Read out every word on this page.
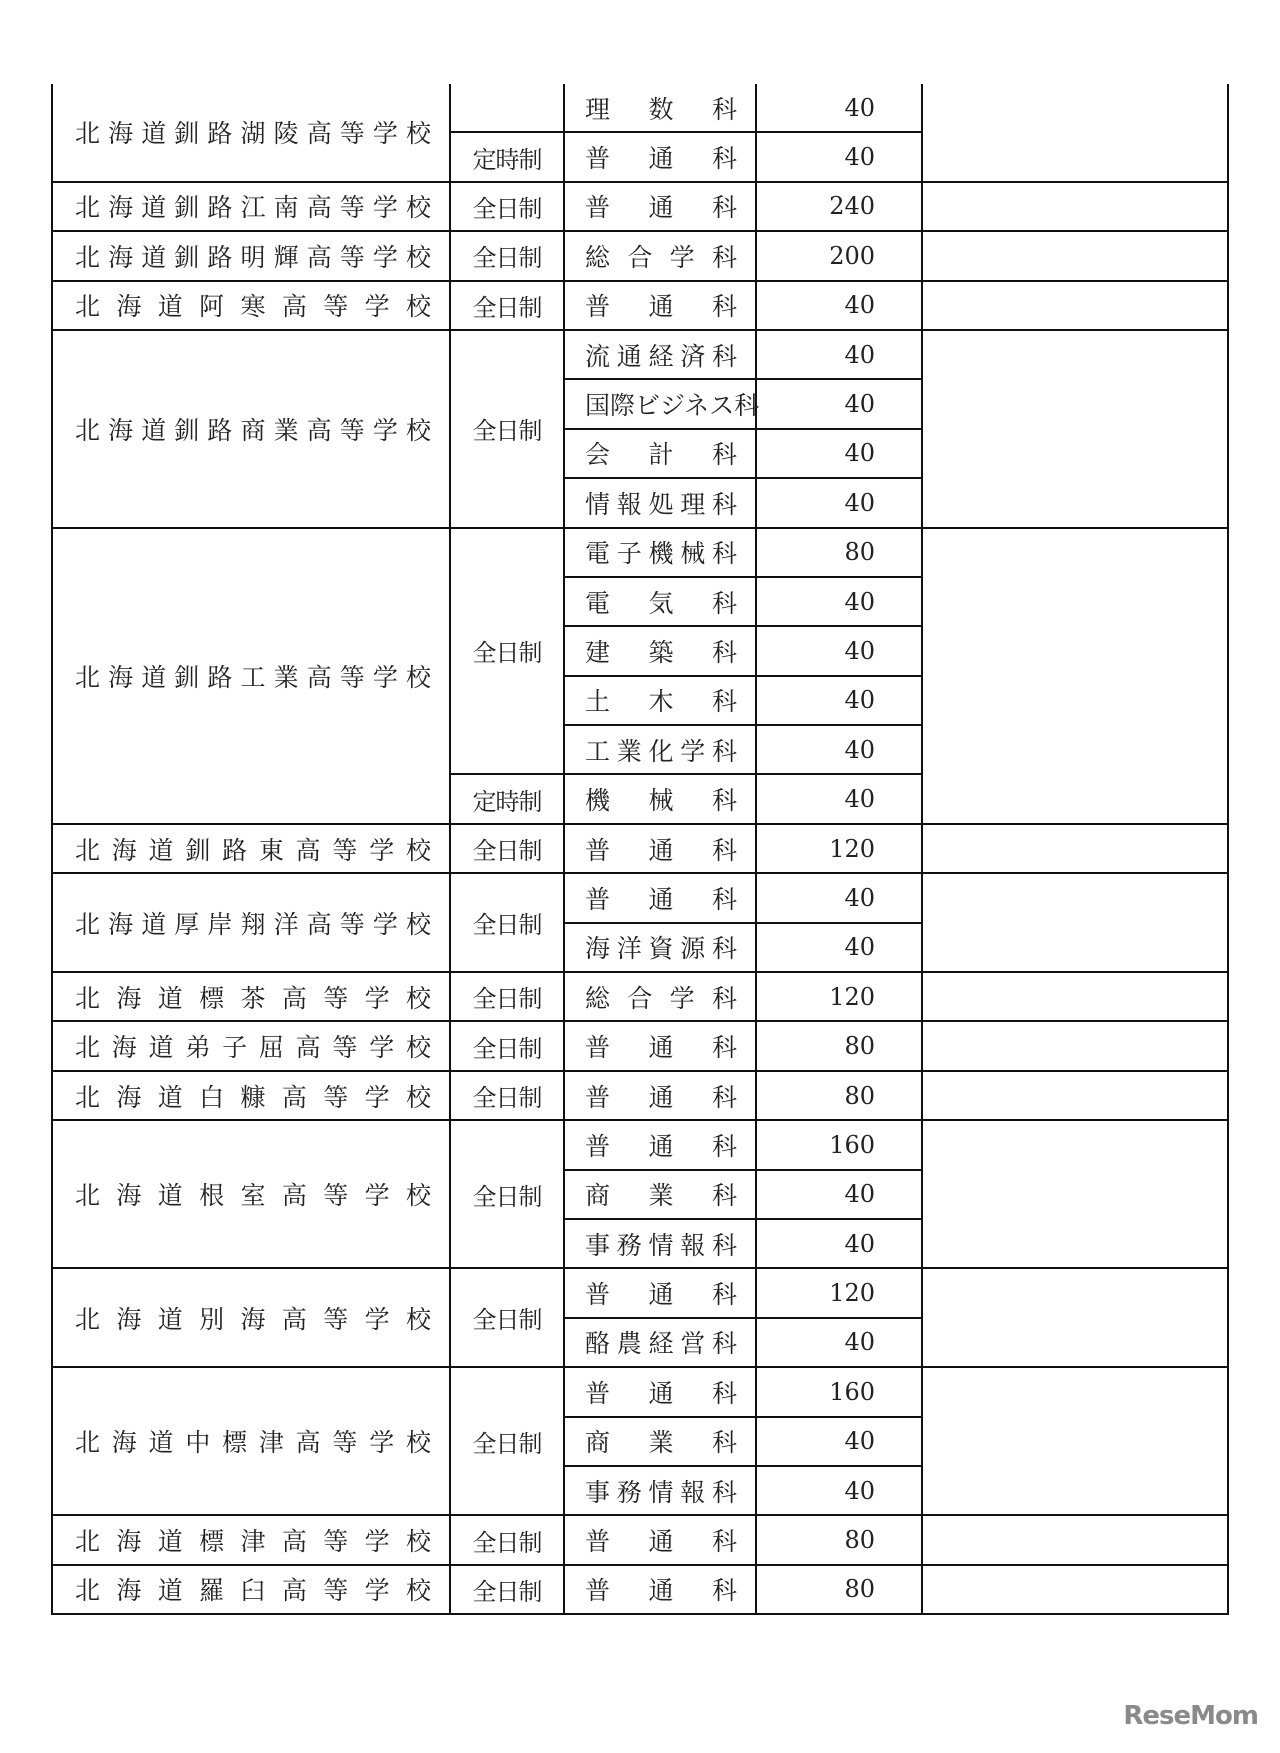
北海道釧路湖陵高等学校		理数科	40	
	定時制	普通科	40	
北海道釧路江南高等学校	全日制	普通科	240	
北海道釧路明輝高等学校	全日制	総合学科	200	
北海道阿寒高等学校	全日制	普通科	40	
北海道釧路商業高等学校	全日制	流通経済科	40	
		国際ビジネス科	40	
		会計科	40	
		情報処理科	40	
北海道釧路工業高等学校	全日制	電子機械科	80	
		電気科	40	
		建築科	40	
		土木科	40	
		工業化学科	40	
	定時制	機械科	40	
北海道釧路東高等学校	全日制	普通科	120	
北海道厚岸翔洋高等学校	全日制	普通科	40	
		海洋資源科	40	
北海道標茶高等学校	全日制	総合学科	120	
北海道弟子屈高等学校	全日制	普通科	80	
北海道白糠高等学校	全日制	普通科	80	
北海道根室高等学校	全日制	普通科	160	
		商業科	40	
		事務情報科	40	
北海道別海高等学校	全日制	普通科	120	
		酪農経営科	40	
北海道中標津高等学校	全日制	普通科	160	
		商業科	40	
		事務情報科	40	
北海道標津高等学校	全日制	普通科	80	
北海道羅臼高等学校	全日制	普通科	80	
ReseMom
